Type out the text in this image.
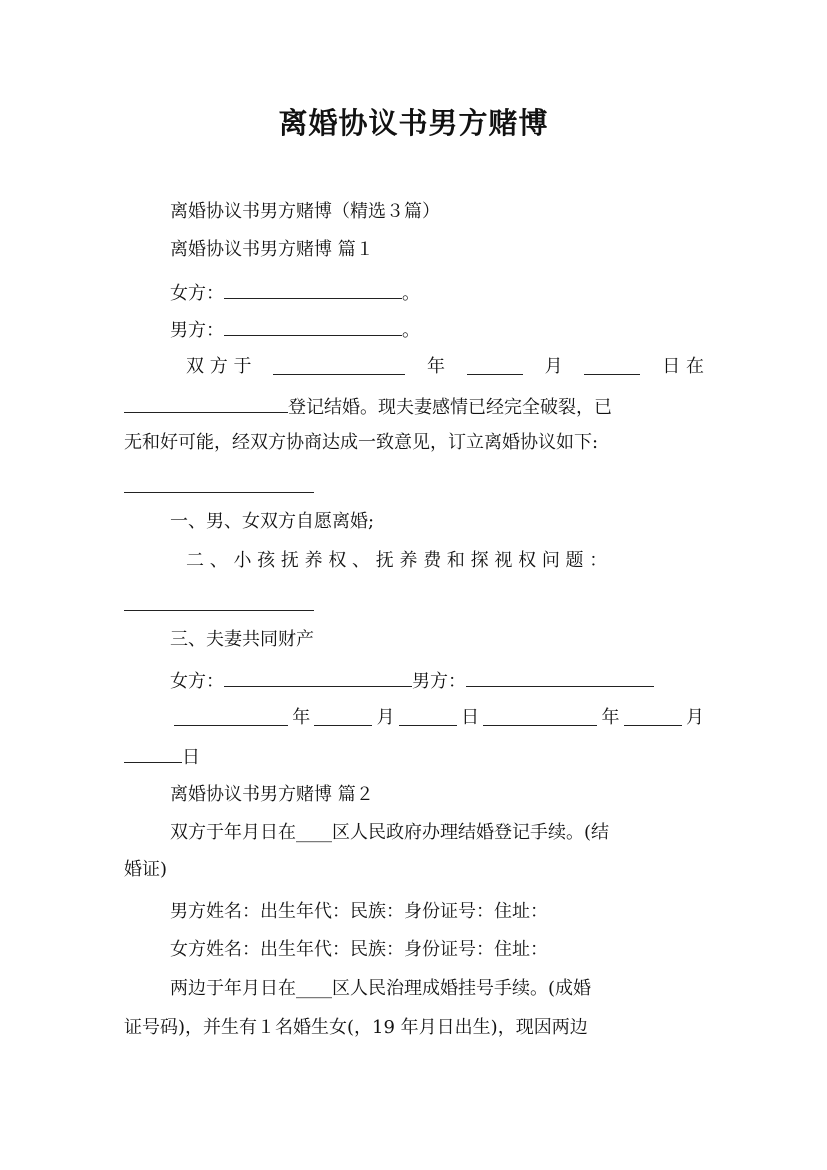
离婚协议书男方赌博
离婚协议书男方赌博（精选３篇）
离婚协议书男方赌博 篇１
女方：	。
男方：	。
双 方 于	年	月	日 在
登记结婚。现夫妻感情已经完全破裂，已
无和好可能，经双方协商达成一致意见，订立离婚协议如下:
一、男、女双方自愿离婚;
二 、 小 孩 抚 养 权 、 抚 养 费 和 探 视 权 问 题 ：
三、夫妻共同财产
女方：	男方：
年	月	日	年	月
日
离婚协议书男方赌博 篇２
双方于年月日在____区人民政府办理结婚登记手续。(结
婚证)
男方姓名：出生年代：民族：身份证号：住址：
女方姓名：出生年代：民族：身份证号：住址：
两边于年月日在____区人民治理成婚挂号手续。(成婚
证号码)，并生有１名婚生女(，19 年月日出生)，现因两边
